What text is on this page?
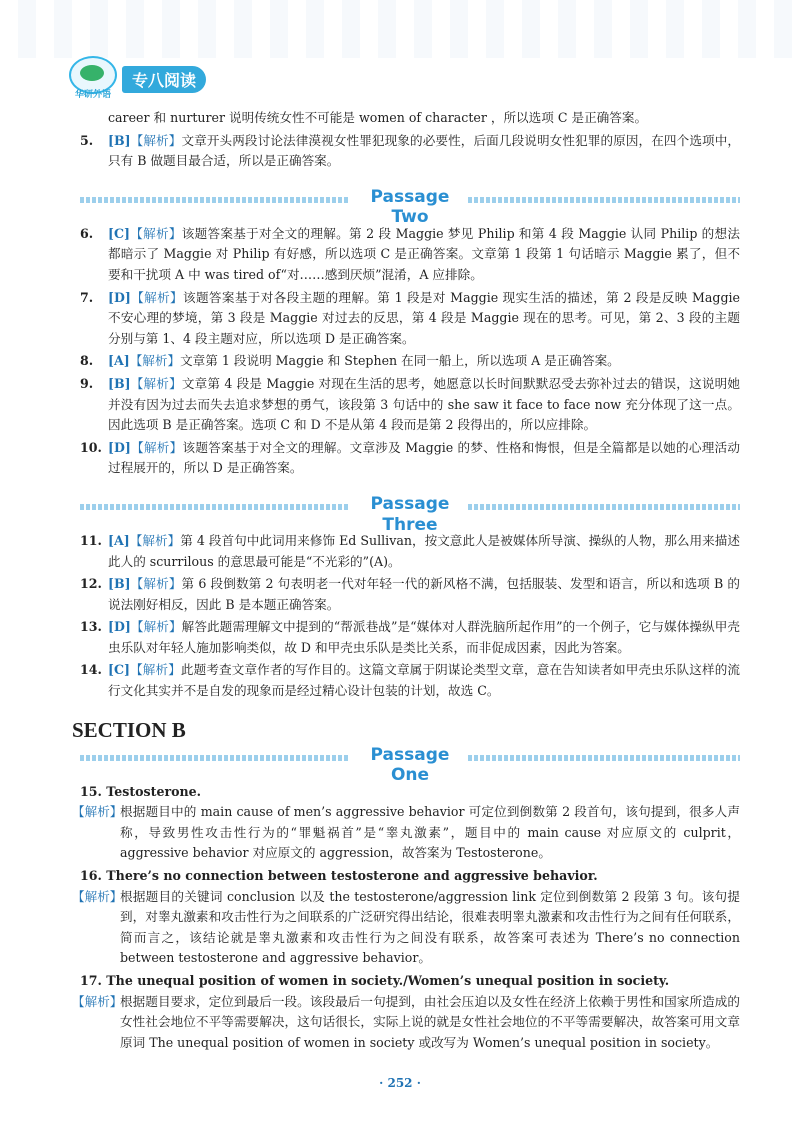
华研外语
专八阅读
career 和 nurturer 说明传统女性不可能是 women of character ，所以选项 C 是正确答案。
5. [B]【解析】文章开头两段讨论法律漠视女性罪犯现象的必要性，后面几段说明女性犯罪的原因，在四个选项中，只有 B 做题目最合适，所以是正确答案。
Passage Two
6. [C]【解析】该题答案基于对全文的理解。第 2 段 Maggie 梦见 Philip 和第 4 段 Maggie 认同 Philip 的想法都暗示了 Maggie 对 Philip 有好感，所以选项 C 是正确答案。文章第 1 段第 1 句话暗示 Maggie 累了，但不要和干扰项 A 中 was tired of“对……感到厌烦”混淆，A 应排除。
7. [D]【解析】该题答案基于对各段主题的理解。第 1 段是对 Maggie 现实生活的描述，第 2 段是反映 Maggie 不安心理的梦境，第 3 段是 Maggie 对过去的反思，第 4 段是 Maggie 现在的思考。可见，第 2、3 段的主题分别与第 1、4 段主题对应，所以选项 D 是正确答案。
8. [A]【解析】文章第 1 段说明 Maggie 和 Stephen 在同一船上，所以选项 A 是正确答案。
9. [B]【解析】文章第 4 段是 Maggie 对现在生活的思考，她愿意以长时间默默忍受去弥补过去的错误，这说明她并没有因为过去而失去追求梦想的勇气，该段第 3 句话中的 she saw it face to face now 充分体现了这一点。因此选项 B 是正确答案。选项 C 和 D 不是从第 4 段而是第 2 段得出的，所以应排除。
10. [D]【解析】该题答案基于对全文的理解。文章涉及 Maggie 的梦、性格和悔恨，但是全篇都是以她的心理活动过程展开的，所以 D 是正确答案。
Passage Three
11. [A]【解析】第 4 段首句中此词用来修饰 Ed Sullivan，按文意此人是被媒体所导演、操纵的人物，那么用来描述此人的 scurrilous 的意思最可能是“不光彩的”(A)。
12. [B]【解析】第 6 段倒数第 2 句表明老一代对年轻一代的新风格不满，包括服装、发型和语言，所以和选项 B 的说法刚好相反，因此 B 是本题正确答案。
13. [D]【解析】解答此题需理解文中提到的“帮派巷战”是“媒体对人群洗脑所起作用”的一个例子，它与媒体操纵甲壳虫乐队对年轻人施加影响类似，故 D 和甲壳虫乐队是类比关系，而非促成因素，因此为答案。
14. [C]【解析】此题考查文章作者的写作目的。这篇文章属于阴谋论类型文章，意在告知读者如甲壳虫乐队这样的流行文化其实并不是自发的现象而是经过精心设计包装的计划，故选 C。
SECTION B
Passage One
15. Testosterone.
【解析】
根据题目中的 main cause of men’s aggressive behavior 可定位到倒数第 2 段首句，该句提到，很多人声称，导致男性攻击性行为的“罪魁祸首”是“睾丸激素”，题目中的 main cause 对应原文的 culprit，aggressive behavior 对应原文的 aggression，故答案为 Testosterone。
16. There’s no connection between testosterone and aggressive behavior.
【解析】
根据题目的关键词 conclusion 以及 the testosterone/aggression link 定位到倒数第 2 段第 3 句。该句提到，对睾丸激素和攻击性行为之间联系的广泛研究得出结论，很难表明睾丸激素和攻击性行为之间有任何联系，简而言之，该结论就是睾丸激素和攻击性行为之间没有联系，故答案可表述为 There’s no connection between testosterone and aggressive behavior。
17. The unequal position of women in society./Women’s unequal position in society.
【解析】
根据题目要求，定位到最后一段。该段最后一句提到，由社会压迫以及女性在经济上依赖于男性和国家所造成的女性社会地位不平等需要解决，这句话很长，实际上说的就是女性社会地位的不平等需要解决，故答案可用文章原词 The unequal position of women in society 或改写为 Women’s unequal position in society。
· 252 ·
